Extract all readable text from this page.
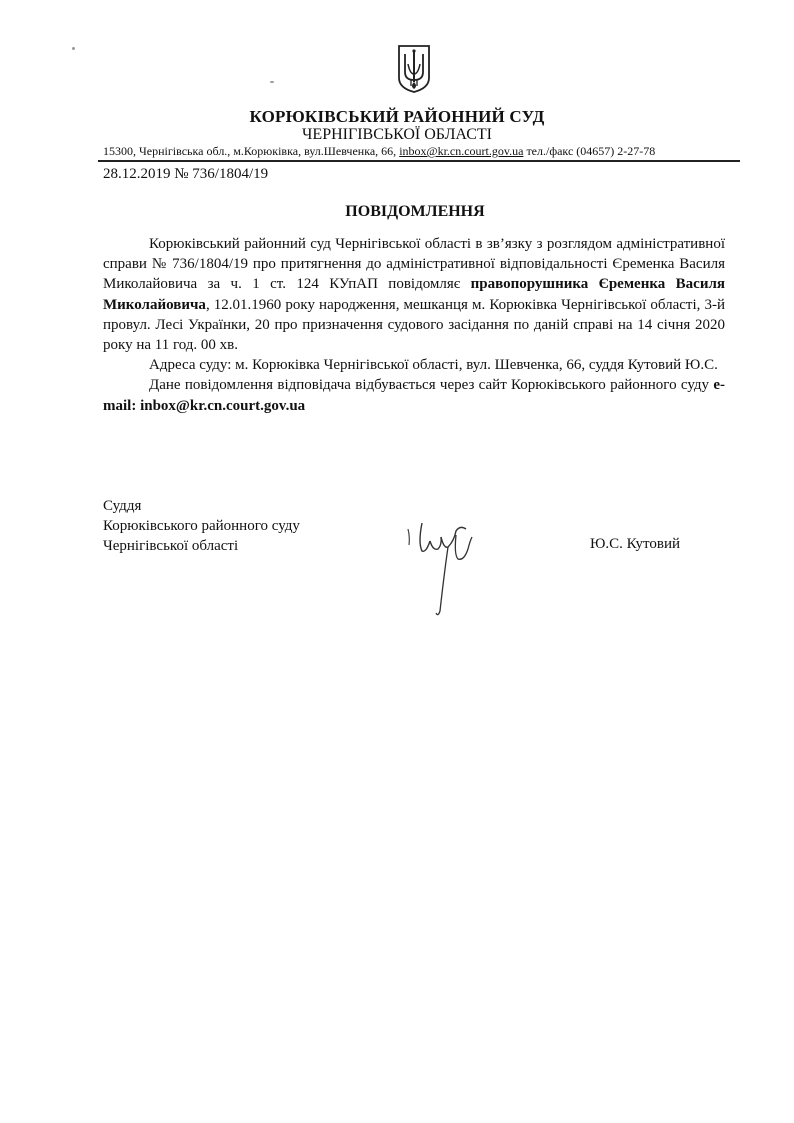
КОРЮКІВСЬКИЙ РАЙОННИЙ СУД
ЧЕРНІГІВСЬКОЇ ОБЛАСТІ
15300, Чернігівська обл., м.Корюківка, вул.Шевченка, 66, inbox@kr.cn.court.gov.ua тел./факс (04657) 2-27-78
28.12.2019 № 736/1804/19
ПОВІДОМЛЕННЯ

Корюківський районний суд Чернігівської області в зв’язку з розглядом адміністративної справи № 736/1804/19 про притягнення до адміністративної відповідальності Єременка Василя Миколайовича за ч. 1 ст. 124 КУпАП повідомляє правопорушника Єременка Василя Миколайовича, 12.01.1960 року народження, мешканця м. Корюківка Чернігівської області, 3-й провул. Лесі Українки, 20 про призначення судового засідання по даній справі на 14 січня 2020 року на 11 год. 00 хв.

Адреса суду: м. Корюківка Чернігівської області, вул. Шевченка, 66, суддя Кутовий Ю.С.

Дане повідомлення відповідача відбувається через сайт Корюківського районного суду e-mail: inbox@kr.cn.court.gov.ua

Суддя
Корюківського районного суду
Чернігівської області	Ю.С. Кутовий
